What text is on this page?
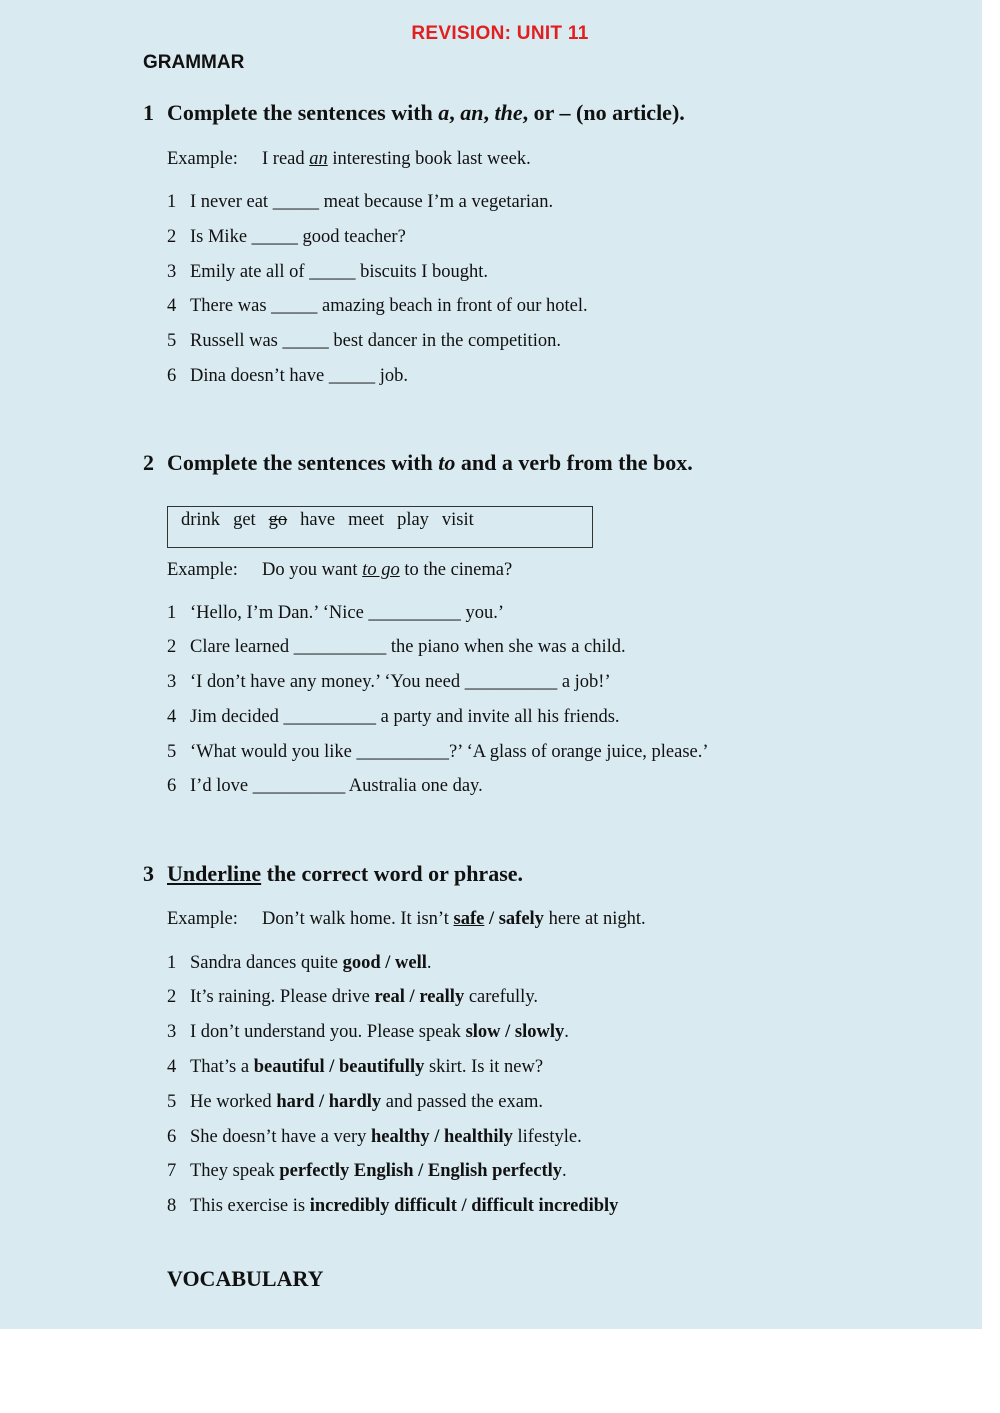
REVISION: UNIT 11
GRAMMAR
1 Complete the sentences with a, an, the, or – (no article).
Example: I read an interesting book last week.
1 I never eat _____ meat because I’m a vegetarian.
2 Is Mike _____ good teacher?
3 Emily ate all of _____ biscuits I bought.
4 There was _____ amazing beach in front of our hotel.
5 Russell was _____ best dancer in the competition.
6 Dina doesn’t have _____ job.
2 Complete the sentences with to and a verb from the box.
drink get go have meet play visit
Example: Do you want to go to the cinema?
1 ‘Hello, I’m Dan.’ ‘Nice __________ you.’
2 Clare learned __________ the piano when she was a child.
3 ‘I don’t have any money.’ ‘You need __________ a job!’
4 Jim decided __________ a party and invite all his friends.
5 ‘What would you like __________?’ ‘A glass of orange juice, please.’
6 I’d love __________ Australia one day.
3 Underline the correct word or phrase.
Example: Don’t walk home. It isn’t safe / safely here at night.
1 Sandra dances quite good / well.
2 It’s raining. Please drive real / really carefully.
3 I don’t understand you. Please speak slow / slowly.
4 That’s a beautiful / beautifully skirt. Is it new?
5 He worked hard / hardly and passed the exam.
6 She doesn’t have a very healthy / healthily lifestyle.
7 They speak perfectly English / English perfectly.
8 This exercise is incredibly difficult / difficult incredibly
VOCABULARY
